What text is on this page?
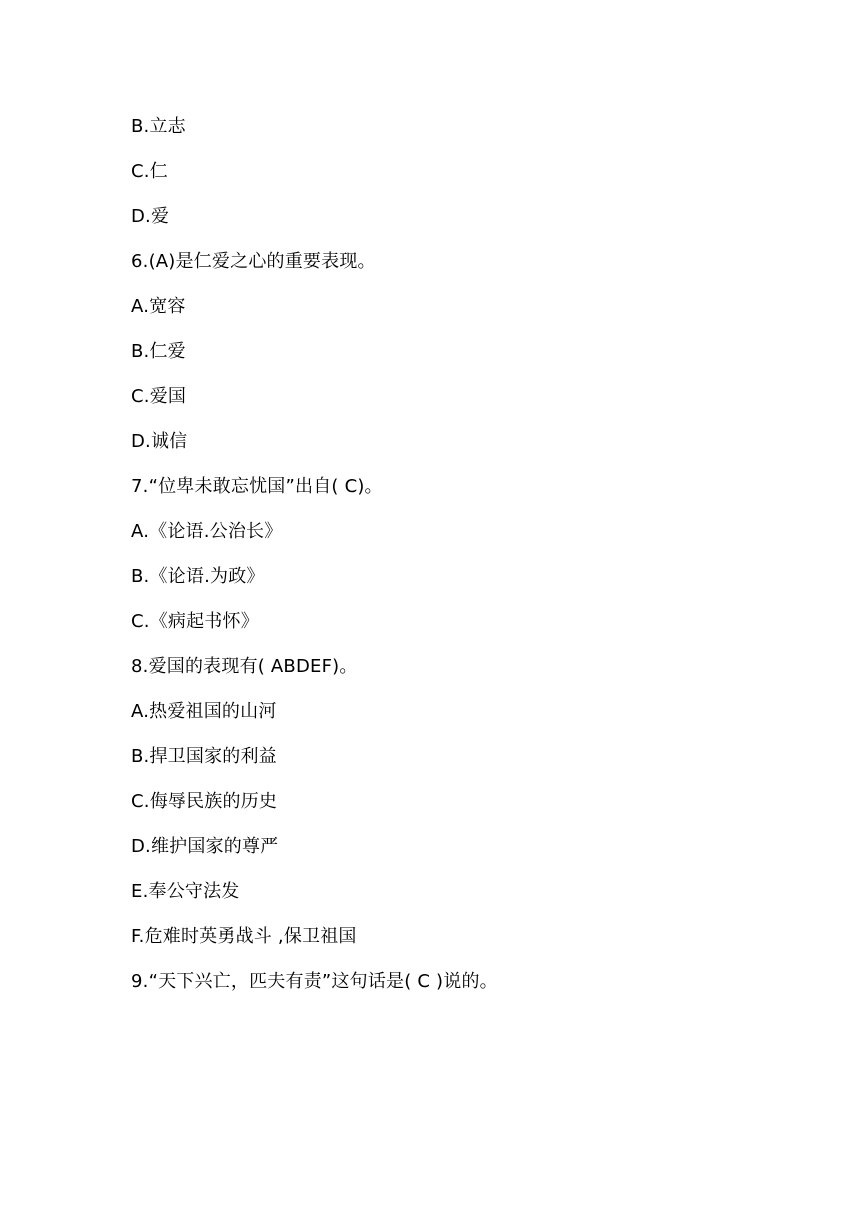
B.立志
C.仁
D.爱
6.(A)是仁爱之心的重要表现。
A.宽容
B.仁爱
C.爱国
D.诚信
7.“位卑未敢忘忧国”出自( C)。
A.《论语.公治长》
B.《论语.为政》
C.《病起书怀》
8.爱国的表现有( ABDEF)。
A.热爱祖国的山河
B.捍卫国家的利益
C.侮辱民族的历史
D.维护国家的尊严
E.奉公守法发
F.危难时英勇战斗 ,保卫祖国
9.“天下兴亡，匹夫有责”这句话是( C )说的。
